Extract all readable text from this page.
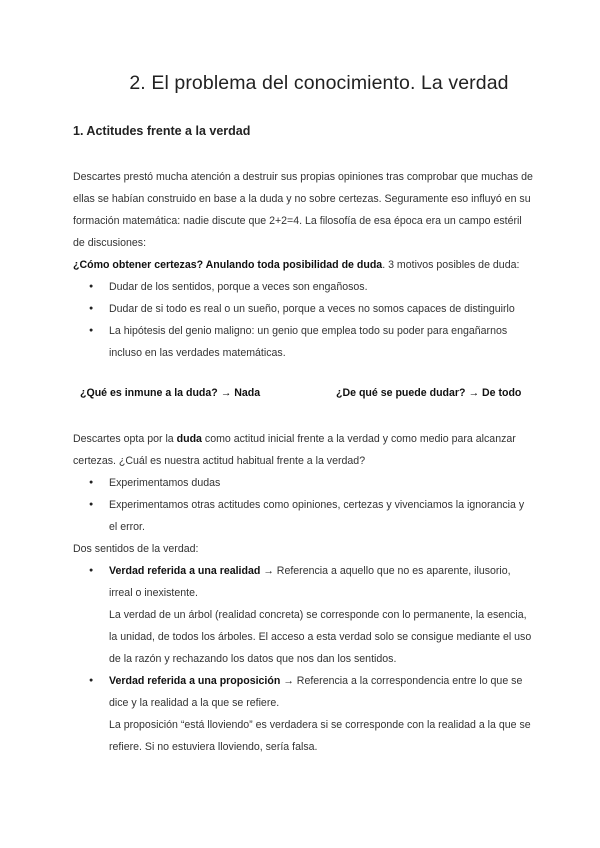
2. El problema del conocimiento. La verdad
1. Actitudes frente a la verdad

Descartes prestó mucha atención a destruir sus propias opiniones tras comprobar que muchas de ellas se habían construido en base a la duda y no sobre certezas. Seguramente eso influyó en su formación matemática: nadie discute que 2+2=4. La filosofía de esa época era un campo estéril de discusiones:

¿Cómo obtener certezas? Anulando toda posibilidad de duda. 3 motivos posibles de duda:

● Dudar de los sentidos, porque a veces son engañosos.
● Dudar de si todo es real o un sueño, porque a veces no somos capaces de distinguirlo
● La hipótesis del genio maligno: un genio que emplea todo su poder para engañarnos incluso en las verdades matemáticas.
¿Qué es inmune a la duda? → Nada	¿De qué se puede dudar? → De todo

Descartes opta por la duda como actitud inicial frente a la verdad y como medio para alcanzar certezas. ¿Cuál es nuestra actitud habitual frente a la verdad?

● Experimentamos dudas
● Experimentamos otras actitudes como opiniones, certezas y vivenciamos la ignorancia y el error.

Dos sentidos de la verdad:

● Verdad referida a una realidad → Referencia a aquello que no es aparente, ilusorio, irreal o inexistente.
La verdad de un árbol (realidad concreta) se corresponde con lo permanente, la esencia, la unidad, de todos los árboles. El acceso a esta verdad solo se consigue mediante el uso de la razón y rechazando los datos que nos dan los sentidos.
● Verdad referida a una proposición → Referencia a la correspondencia entre lo que se dice y la realidad a la que se refiere.
La proposición “está lloviendo” es verdadera si se corresponde con la realidad a la que se refiere. Si no estuviera lloviendo, sería falsa.
